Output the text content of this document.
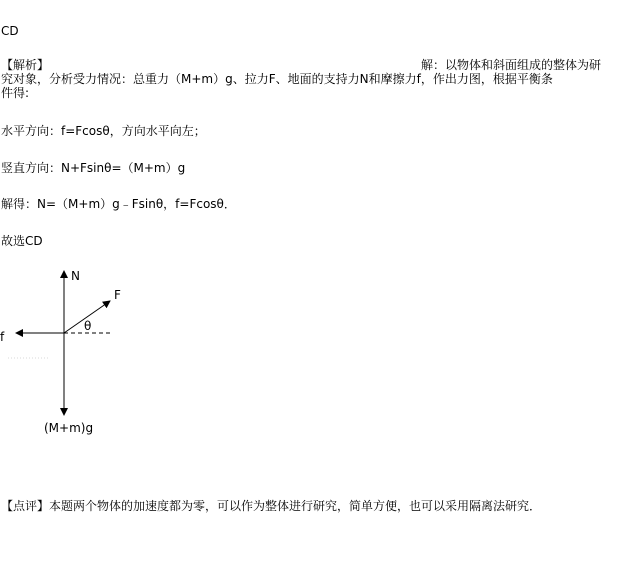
CD
【解析】	解：以物体和斜面组成的整体为研
究对象，分析受力情况：总重力（M+m）g、拉力F、地面的支持力N和摩擦力f，作出力图，根据平衡条
件得:
水平方向：f=Fcosθ，方向水平向左；
竖直方向：N+Fsinθ=（M+m）g
解得：N=（M+m）g﹣Fsinθ，f=Fcosθ．
故选CD
N
F
f
θ
(M+m)g
【点评】本题两个物体的加速度都为零，可以作为整体进行研究，简单方便，也可以采用隔离法研究．
